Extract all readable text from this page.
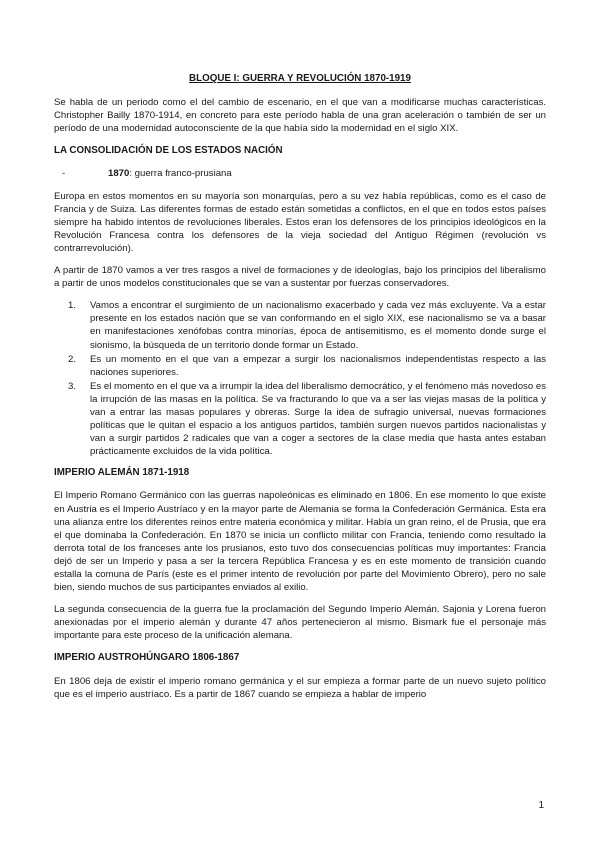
BLOQUE I: GUERRA Y REVOLUCIÓN 1870-1919

Se habla de un periodo como el del cambio de escenario, en el que van a modificarse muchas características. Christopher Bailly 1870-1914, en concreto para este período habla de una gran aceleración o también de ser un período de una modernidad autoconsciente de la que había sido la modernidad en el siglo XIX.

LA CONSOLIDACIÓN DE LOS ESTADOS NACIÓN
-	1870: guerra franco-prusiana

Europa en estos momentos en su mayoría son monarquías, pero a su vez había repúblicas, como es el caso de Francia y de Suiza. Las diferentes formas de estado están sometidas a conflictos, en el que en todos estos países siempre ha habido intentos de revoluciones liberales. Estos eran los defensores de los principios ideológicos en la Revolución Francesa contra los defensores de la vieja sociedad del Antiguo Régimen (revolución vs contrarrevolución).

A partir de 1870 vamos a ver tres rasgos a nivel de formaciones y de ideologías, bajo los principios del liberalismo a partir de unos modelos constitucionales que se van a sustentar por fuerzas conservadores.

1.	Vamos a encontrar el surgimiento de un nacionalismo exacerbado y cada vez más excluyente. Va a estar presente en los estados nación que se van conformando en el siglo XIX, ese nacionalismo se va a basar en manifestaciones xenófobas contra minorías, época de antisemitismo, es el momento donde surge el sionismo, la búsqueda de un territorio donde formar un Estado.
2.	Es un momento en el que van a empezar a surgir los nacionalismos independentistas respecto a las naciones superiores.
3.	Es el momento en el que va a irrumpir la idea del liberalismo democrático, y el fenómeno más novedoso es la irrupción de las masas en la política. Se va fracturando lo que va a ser las viejas masas de la política y van a entrar las masas populares y obreras. Surge la idea de sufragio universal, nuevas formaciones políticas que le quitan el espacio a los antiguos partidos, también surgen nuevos partidos nacionalistas y van a surgir partidos 2 radicales que van a coger a sectores de la clase media que hasta antes estaban prácticamente excluidos de la vida política.
IMPERIO ALEMÁN 1871-1918

El Imperio Romano Germánico con las guerras napoleónicas es eliminado en 1806. En ese momento lo que existe en Austria es el Imperio Austríaco y en la mayor parte de Alemania se forma la Confederación Germánica. Esta era una alianza entre los diferentes reinos entre materia económica y militar. Había un gran reino, el de Prusia, que era el que dominaba la Confederación. En 1870 se inicia un conflicto militar con Francia, teniendo como resultado la derrota total de los franceses ante los prusianos, esto tuvo dos consecuencias políticas muy importantes: Francia dejó de ser un Imperio y pasa a ser la tercera República Francesa y es en este momento de transición cuando estalla la comuna de París (este es el primer intento de revolución por parte del Movimiento Obrero), pero no sale bien, siendo muchos de sus participantes enviados al exilio.

La segunda consecuencia de la guerra fue la proclamación del Segundo Imperio Alemán. Sajonia y Lorena fueron anexionadas por el imperio alemán y durante 47 años pertenecieron al mismo. Bismark fue el personaje más importante para este proceso de la unificación alemana.

IMPERIO AUSTROHÚNGARO 1806-1867

En 1806 deja de existir el imperio romano germánica y el sur empieza a formar parte de un nuevo sujeto político que es el imperio austríaco. Es a partir de 1867 cuando se empieza a hablar de imperio

1
